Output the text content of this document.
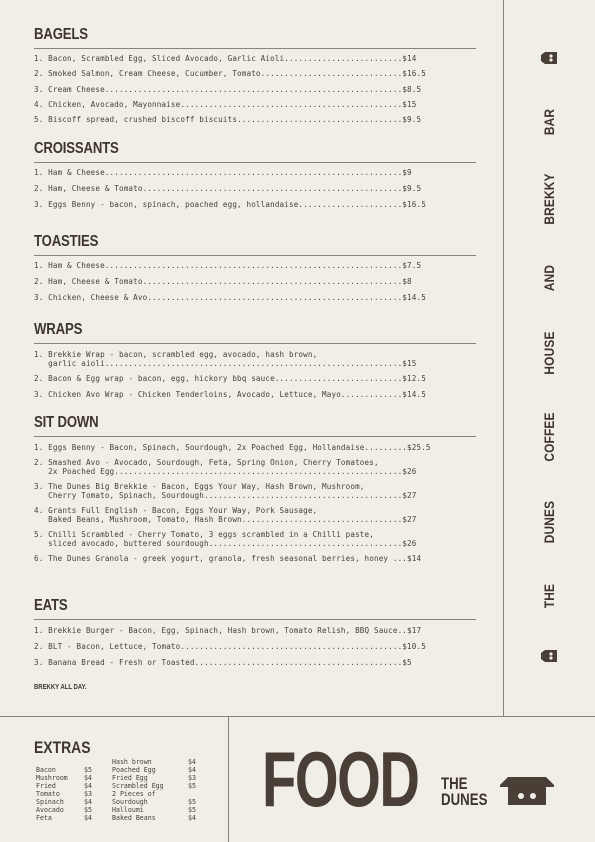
BAGELS
1. Bacon, Scrambled Egg, Sliced Avocado, Garlic Aioli.........................$14
2. Smoked Salmon, Cream Cheese, Cucumber, Tomato..............................$16.5
3. Cream Cheese...............................................................$8.5
4. Chicken, Avocado, Mayonnaise...............................................$15
5. Biscoff spread, crushed biscoff biscuits...................................$9.5
CROISSANTS
1. Ham & Cheese...............................................................$9
2. Ham, Cheese & Tomato.......................................................$9.5
3. Eggs Benny - bacon, spinach, poached egg, hollandaise......................$16.5
TOASTIES
1. Ham & Cheese...............................................................$7.5
2. Ham, Cheese & Tomato.......................................................$8
3. Chicken, Cheese & Avo......................................................$14.5
WRAPS
1. Brekkie Wrap - bacon, scrambled egg, avocado, hash brown,
garlic aioli...............................................................$15
2. Bacon & Egg wrap - bacon, egg, hickory bbq sauce...........................$12.5
3. Chicken Avo Wrap - Chicken Tenderloins, Avocado, Lettuce, Mayo.............$14.5
SIT DOWN
1. Eggs Benny - Bacon, Spinach, Sourdough, 2x Poached Egg, Hollandaise.........$25.5
2. Smashed Avo - Avocado, Sourdough, Feta, Spring Onion, Cherry Tomatoes,
2x Poached Egg.............................................................$26
3. The Dunes Big Brekkie - Bacon, Eggs Your Way, Hash Brown, Mushroom,
Cherry Tomato, Spinach, Sourdough..........................................$27
4. Grants Full English - Bacon, Eggs Your Way, Pork Sausage,
Baked Beans, Mushroom, Tomato, Hash Brown..................................$27
5. Chilli Scrambled - Cherry Tomato, 3 eggs scrambled in a Chilli paste,
sliced avocado, buttered sourdough.........................................$26
6. The Dunes Granola - greek yogurt, granola, fresh seasonal berries, honey ...$14
EATS
1. Brekkie Burger - Bacon, Egg, Spinach, Hash brown, Tomato Relish, BBQ Sauce..$17
2. BLT - Bacon, Lettuce, Tomato...............................................$10.5
3. Banana Bread - Fresh or Toasted............................................$5
BREKKY ALL DAY.
BAR
BREKKY
AND
HOUSE
COFFEE
DUNES
THE
EXTRAS
Bacon	$5
Mushroom	$4
Fried	$4
Tomato	$3
Spinach	$4
Avocado	$5
Feta	$4
Hash brown	$4
Poached Egg	$4
Fried Egg	$3
Scrambled Egg	$5
2 Pieces of
Sourdough	$5
Halloumi	$5
Baked Beans	$4 FOOD THE
DUNES
